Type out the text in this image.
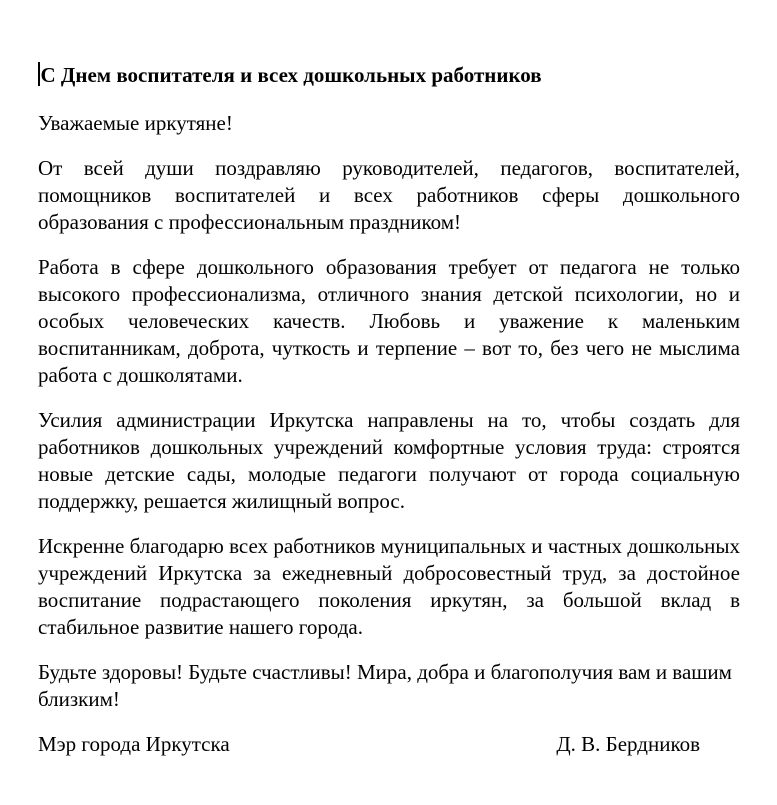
С Днем воспитателя и всех дошкольных работников

Уважаемые иркутяне!

От всей души поздравляю руководителей, педагогов, воспитателей, помощников воспитателей и всех работников сферы дошкольного образования с профессиональным праздником!

Работа в сфере дошкольного образования требует от педагога не только высокого профессионализма, отличного знания детской психологии, но и особых человеческих качеств. Любовь и уважение к маленьким воспитанникам, доброта, чуткость и терпение – вот то, без чего не мыслима работа с дошколятами.

Усилия администрации Иркутска направлены на то, чтобы создать для работников дошкольных учреждений комфортные условия труда: строятся новые детские сады, молодые педагоги получают от города социальную поддержку, решается жилищный вопрос.

Искренне благодарю всех работников муниципальных и частных дошкольных учреждений Иркутска за ежедневный добросовестный труд, за достойное воспитание подрастающего поколения иркутян, за большой вклад в стабильное развитие нашего города.

Будьте здоровы! Будьте счастливы! Мира, добра и благополучия вам и вашим близким!

Мэр города Иркутска	Д. В. Бердников
